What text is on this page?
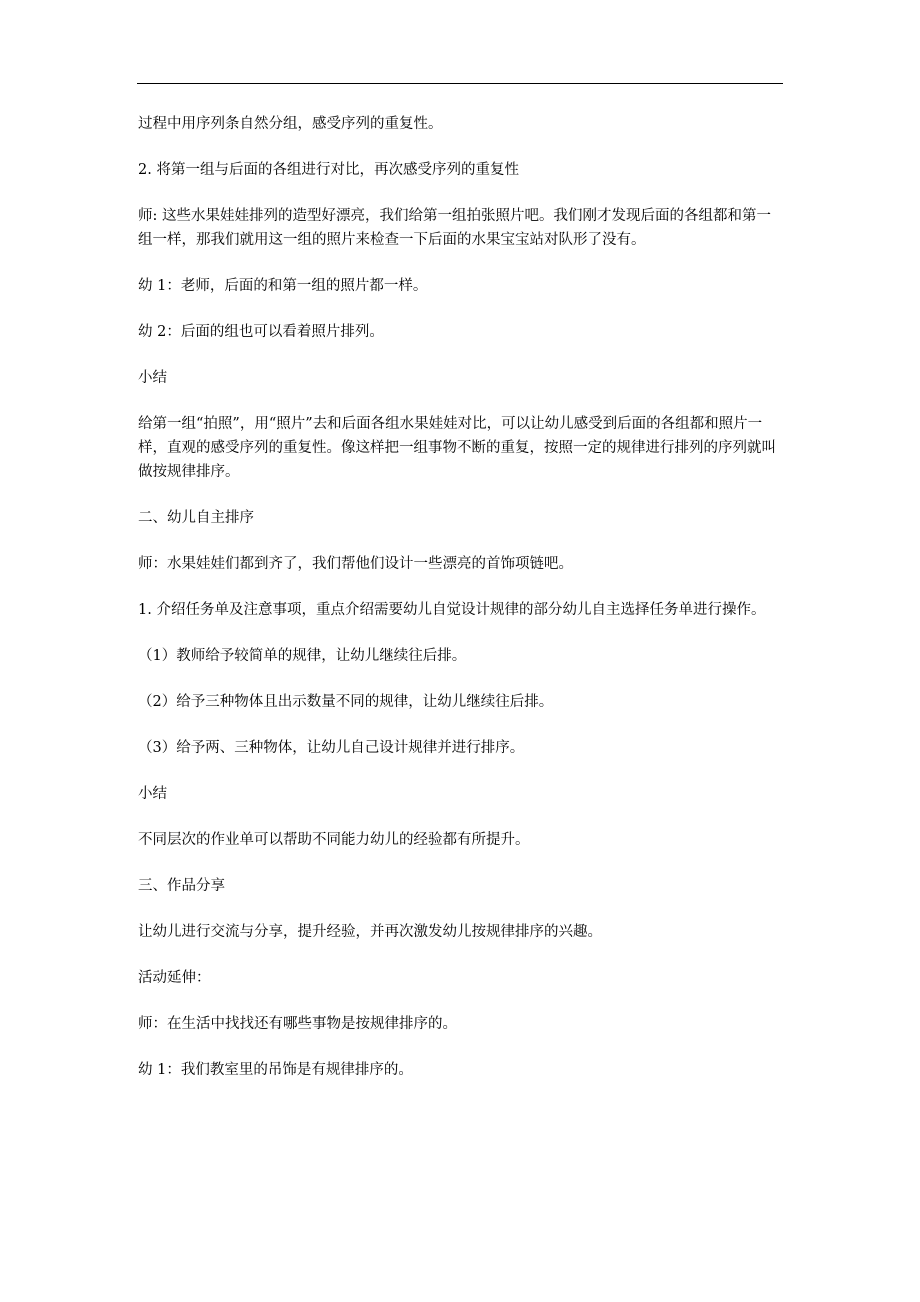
过程中用序列条自然分组，感受序列的重复性。

2. 将第一组与后面的各组进行对比，再次感受序列的重复性

师: 这些水果娃娃排列的造型好漂亮，我们给第一组拍张照片吧。我们刚才发现后面的各组都和第一组一样，那我们就用这一组的照片来检查一下后面的水果宝宝站对队形了没有。

幼 1：老师，后面的和第一组的照片都一样。

幼 2：后面的组也可以看着照片排列。

小结

给第一组“拍照”，用“照片”去和后面各组水果娃娃对比，可以让幼儿感受到后面的各组都和照片一样，直观的感受序列的重复性。像这样把一组事物不断的重复，按照一定的规律进行排列的序列就叫做按规律排序。

二、幼儿自主排序

师：水果娃娃们都到齐了，我们帮他们设计一些漂亮的首饰项链吧。

1. 介绍任务单及注意事项，重点介绍需要幼儿自觉设计规律的部分幼儿自主选择任务单进行操作。

（1）教师给予较简单的规律，让幼儿继续往后排。

（2）给予三种物体且出示数量不同的规律，让幼儿继续往后排。

（3）给予两、三种物体，让幼儿自己设计规律并进行排序。

小结

不同层次的作业单可以帮助不同能力幼儿的经验都有所提升。

三、作品分享

让幼儿进行交流与分享，提升经验，并再次激发幼儿按规律排序的兴趣。

活动延伸：

师：在生活中找找还有哪些事物是按规律排序的。

幼 1：我们教室里的吊饰是有规律排序的。
